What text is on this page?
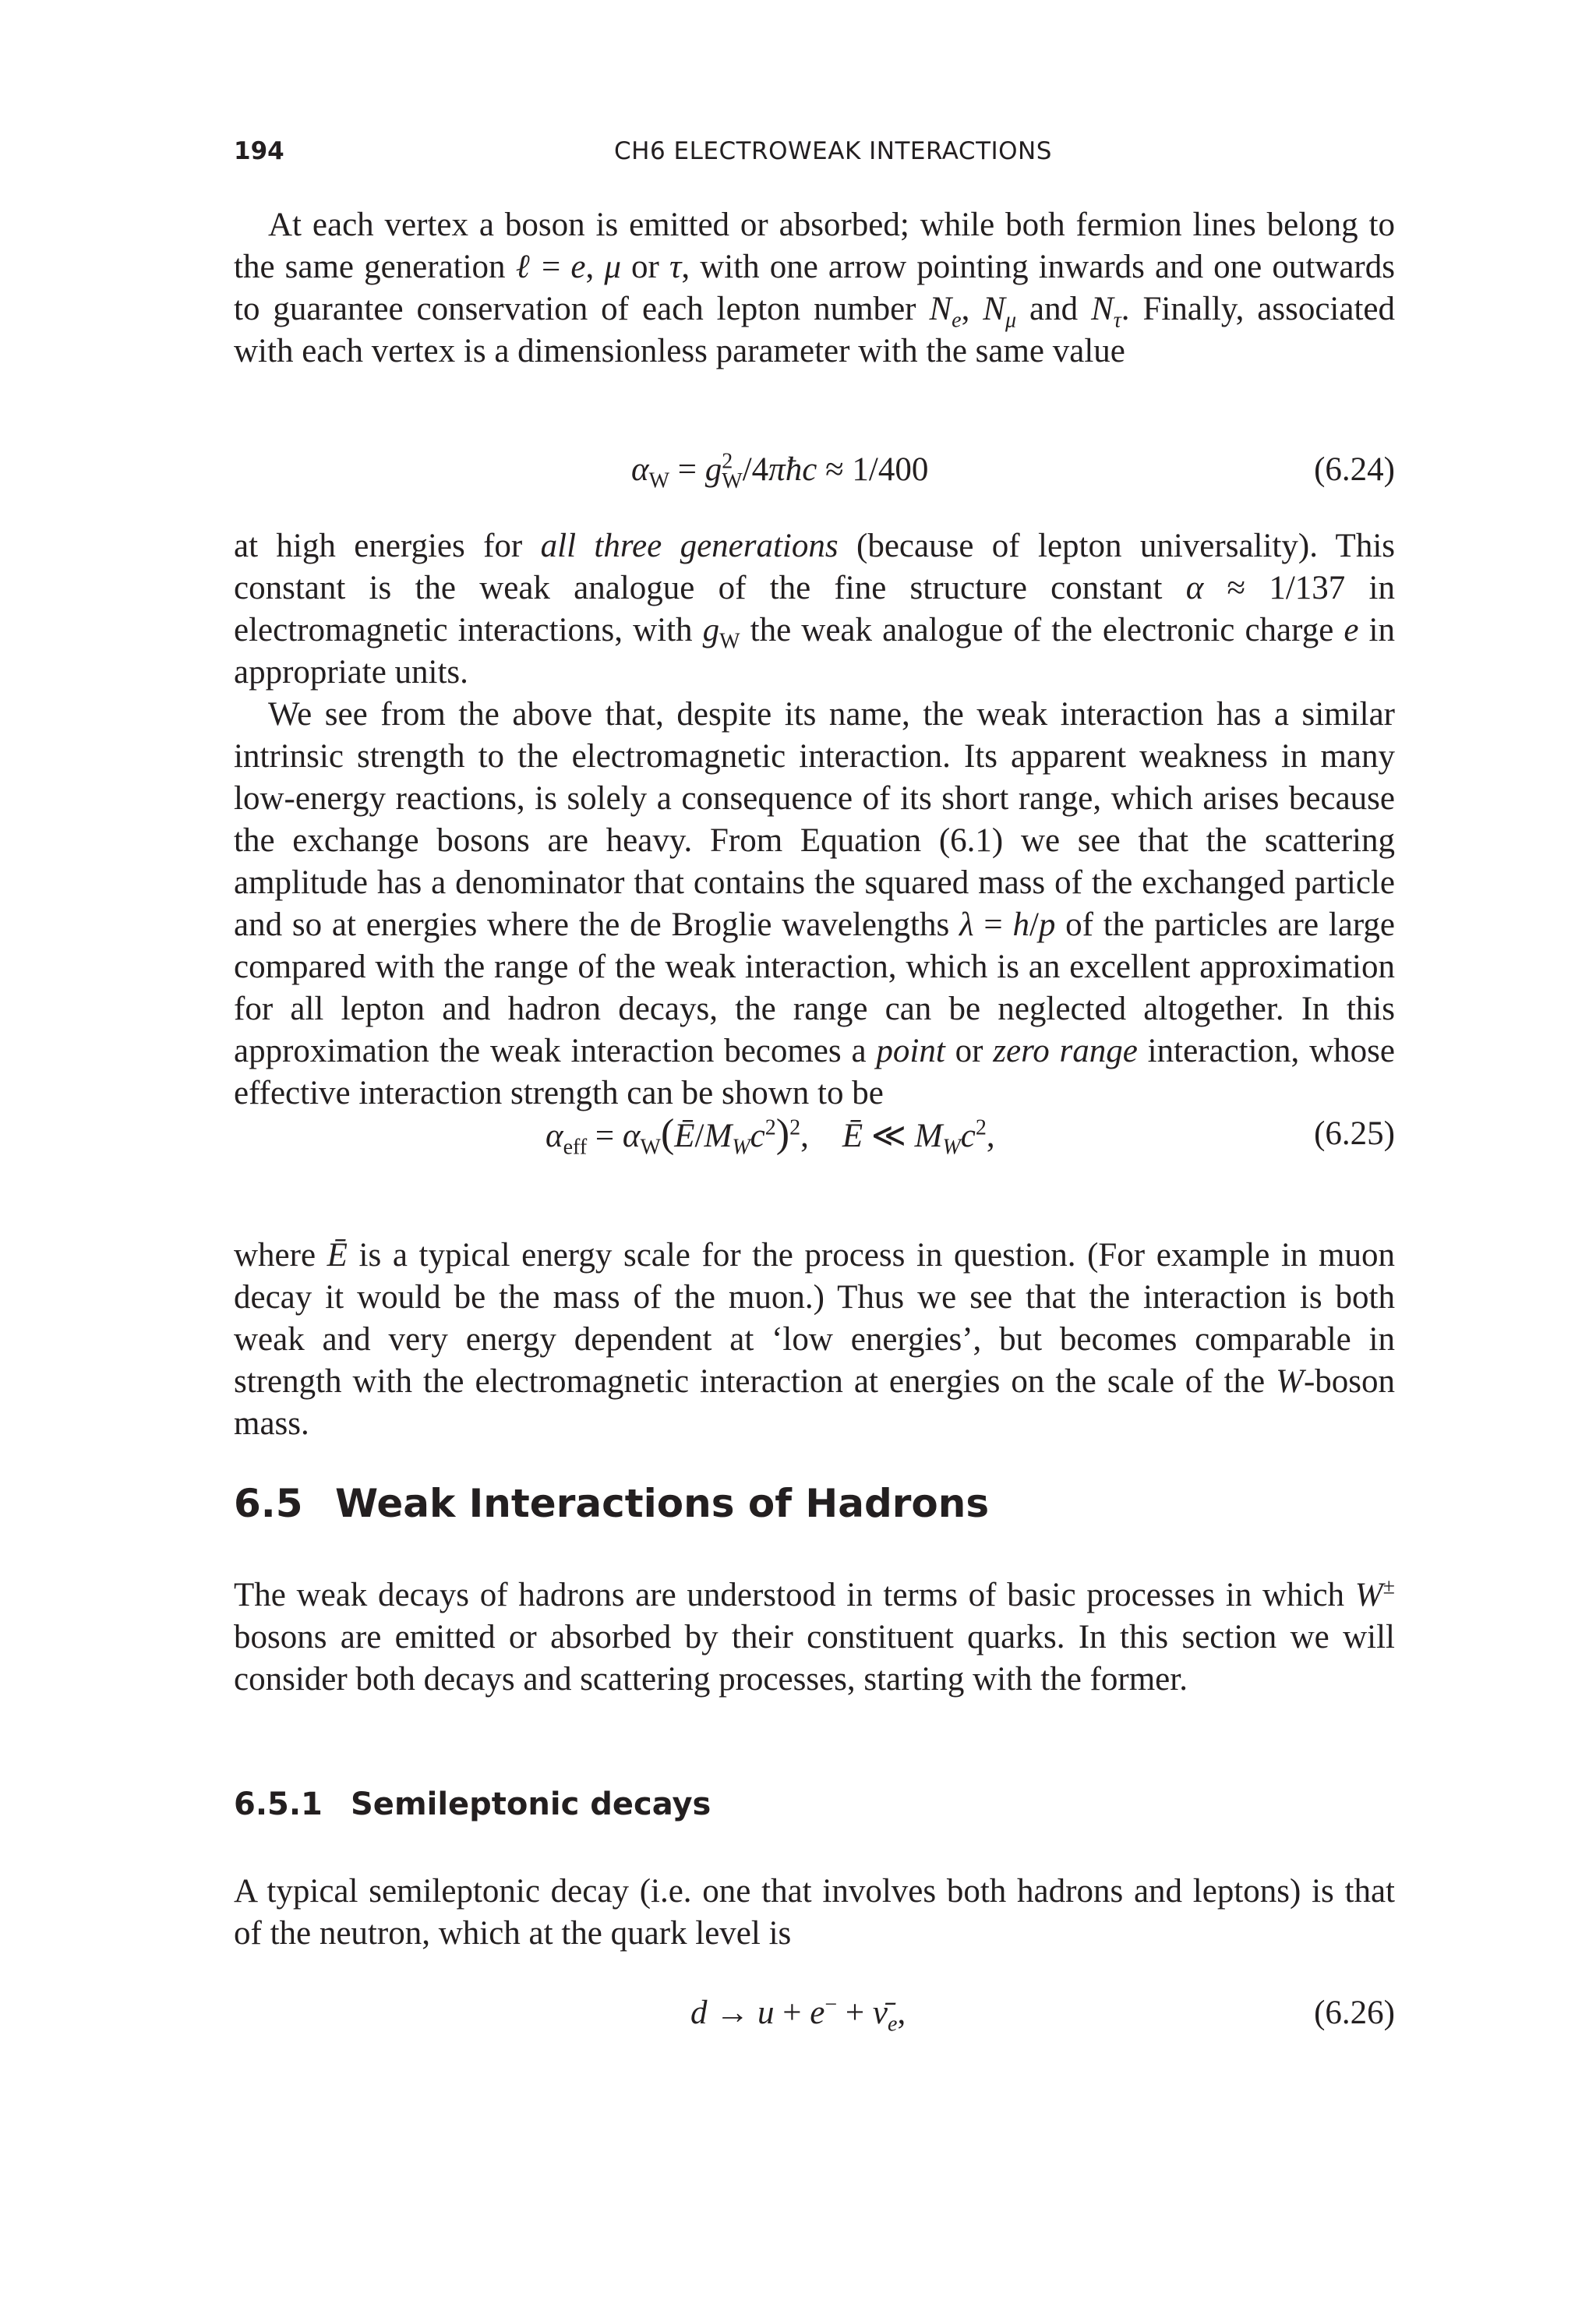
194	CH6 ELECTROWEAK INTERACTIONS

At each vertex a boson is emitted or absorbed; while both fermion lines belong to the same generation ℓ = e, μ or τ, with one arrow pointing inwards and one outwards to guarantee conservation of each lepton number $N_e$, $N_\mu$ and $N_\tau$. Finally, associated with each vertex is a dimensionless parameter with the same value

$\alpha_W$ = $g^2_W/4\pi ħc \approx 1/400$	(6.24)

at high energies for all three generations (because of lepton universality). This constant is the weak analogue of the fine structure constant α ≈ 1/137 in electromagnetic interactions, with $g_W$ the weak analogue of the electronic charge e in appropriate units.

We see from the above that, despite its name, the weak interaction has a similar intrinsic strength to the electromagnetic interaction. Its apparent weakness in many low-energy reactions, is solely a consequence of its short range, which arises because the exchange bosons are heavy. From Equation (6.1) we see that the scattering amplitude has a denominator that contains the squared mass of the exchanged particle and so at energies where the de Broglie wavelengths λ = h/p of the particles are large compared with the range of the weak interaction, which is an excellent approximation for all lepton and hadron decays, the range can be neglected altogether. In this approximation the weak interaction becomes a point or zero range interaction, whose effective interaction strength can be shown to be

$\alpha_{eff}$ = $\alpha_W(Ē/M_Wc^2)^2$,    Ē ≪ $M_Wc^2$,	(6.25)

where Ē is a typical energy scale for the process in question. (For example in muon decay it would be the mass of the muon.) Thus we see that the interaction is both weak and very energy dependent at ‘low energies’, but becomes comparable in strength with the electromagnetic interaction at energies on the scale of the W-boson mass.

6.5 Weak Interactions of Hadrons

The weak decays of hadrons are understood in terms of basic processes in which W± bosons are emitted or absorbed by their constituent quarks. In this section we will consider both decays and scattering processes, starting with the former.

6.5.1 Semileptonic decays

A typical semileptonic decay (i.e. one that involves both hadrons and leptons) is that of the neutron, which at the quark level is

$d \to u + e^- + \nū_e$,	(6.26)
